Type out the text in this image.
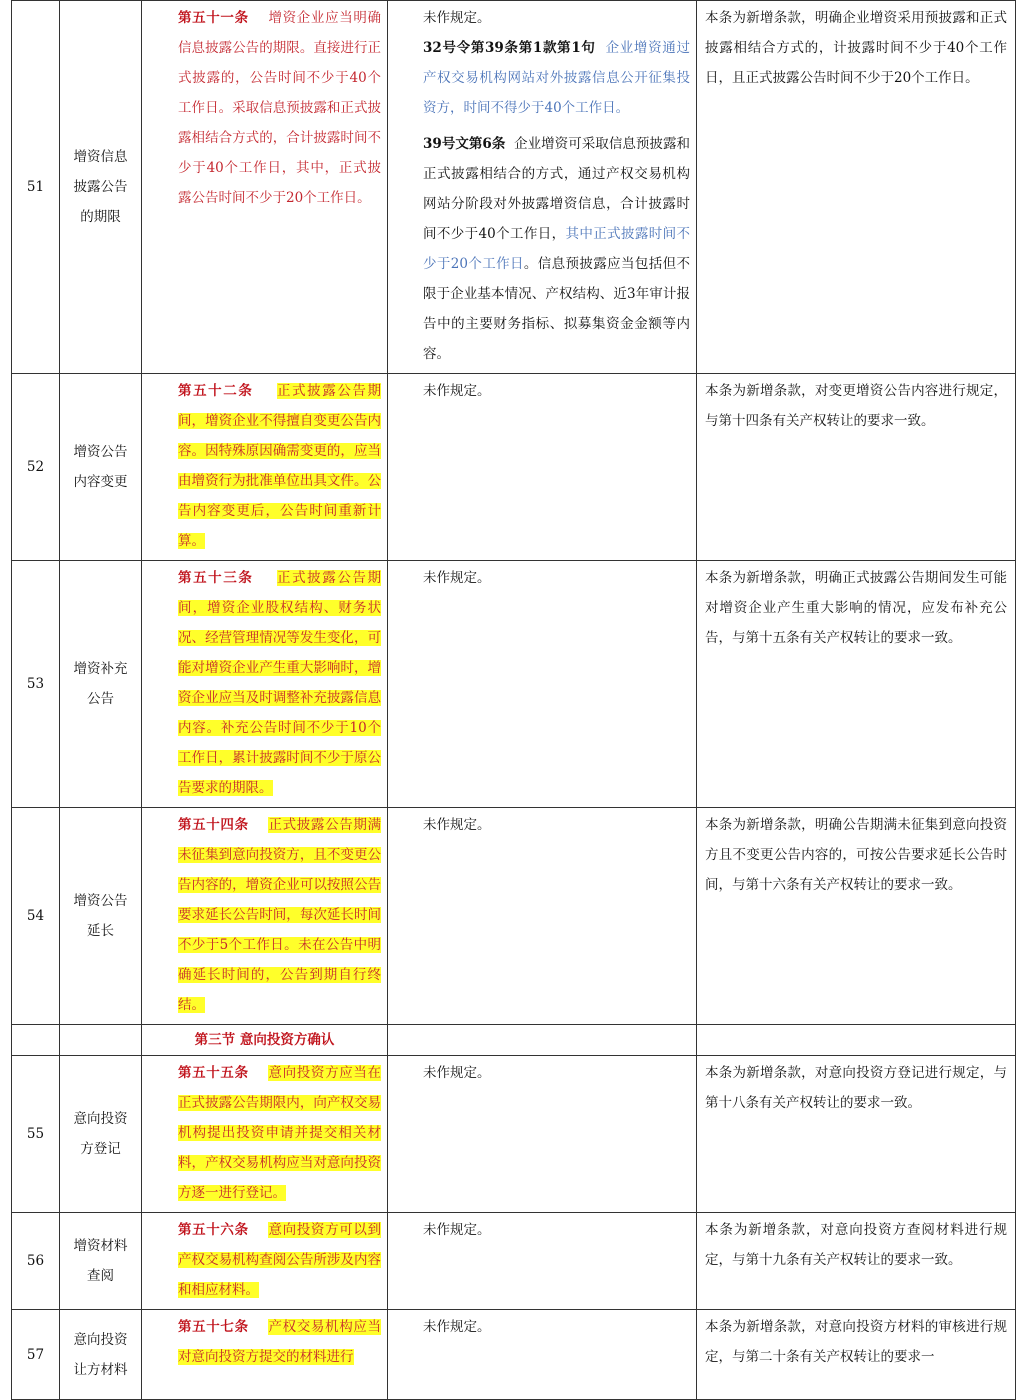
51	增资信息披露公告的期限	第五十一条 增资企业应当明确信息披露公告的期限。直接进行正式披露的，公告时间不少于40个工作日。采取信息预披露和正式披露相结合方式的，合计披露时间不少于40个工作日，其中，正式披露公告时间不少于20个工作日。	未作规定。
32号令第39条第1款第1句 企业增资通过产权交易机构网站对外披露信息公开征集投资方，时间不得少于40个工作日。
39号文第6条 企业增资可采取信息预披露和正式披露相结合的方式，通过产权交易机构网站分阶段对外披露增资信息，合计披露时间不少于40个工作日，其中正式披露时间不少于20个工作日。信息预披露应当包括但不限于企业基本情况、产权结构、近3年审计报告中的主要财务指标、拟募集资金金额等内容。	本条为新增条款，明确企业增资采用预披露和正式披露相结合方式的，计披露时间不少于40个工作日，且正式披露公告时间不少于20个工作日。
52	增资公告内容变更	第五十二条 正式披露公告期间，增资企业不得擅自变更公告内容。因特殊原因确需变更的，应当由增资行为批准单位出具文件。公告内容变更后，公告时间重新计算。	未作规定。	本条为新增条款，对变更增资公告内容进行规定，与第十四条有关产权转让的要求一致。
53	增资补充公告	第五十三条 正式披露公告期间，增资企业股权结构、财务状况、经营管理情况等发生变化，可能对增资企业产生重大影响时，增资企业应当及时调整补充披露信息内容。补充公告时间不少于10个工作日，累计披露时间不少于原公告要求的期限。	未作规定。	本条为新增条款，明确正式披露公告期间发生可能对增资企业产生重大影响的情况，应发布补充公告，与第十五条有关产权转让的要求一致。
54	增资公告延长	第五十四条 正式披露公告期满未征集到意向投资方，且不变更公告内容的，增资企业可以按照公告要求延长公告时间，每次延长时间不少于5个工作日。未在公告中明确延长时间的，公告到期自行终结。	未作规定。	本条为新增条款，明确公告期满未征集到意向投资方且不变更公告内容的，可按公告要求延长公告时间，与第十六条有关产权转让的要求一致。
		第三节 意向投资方确认		
55	意向投资方登记	第五十五条 意向投资方应当在正式披露公告期限内，向产权交易机构提出投资申请并提交相关材料，产权交易机构应当对意向投资方逐一进行登记。	未作规定。	本条为新增条款，对意向投资方登记进行规定，与第十八条有关产权转让的要求一致。
56	增资材料查阅	第五十六条 意向投资方可以到产权交易机构查阅公告所涉及内容和相应材料。	未作规定。	本条为新增条款，对意向投资方查阅材料进行规定，与第十九条有关产权转让的要求一致。
57	意向投资让方材料	第五十七条 产权交易机构应当对意向投资方提交的材料进行	未作规定。	本条为新增条款，对意向投资方材料的审核进行规定，与第二十条有关产权转让的要求一
